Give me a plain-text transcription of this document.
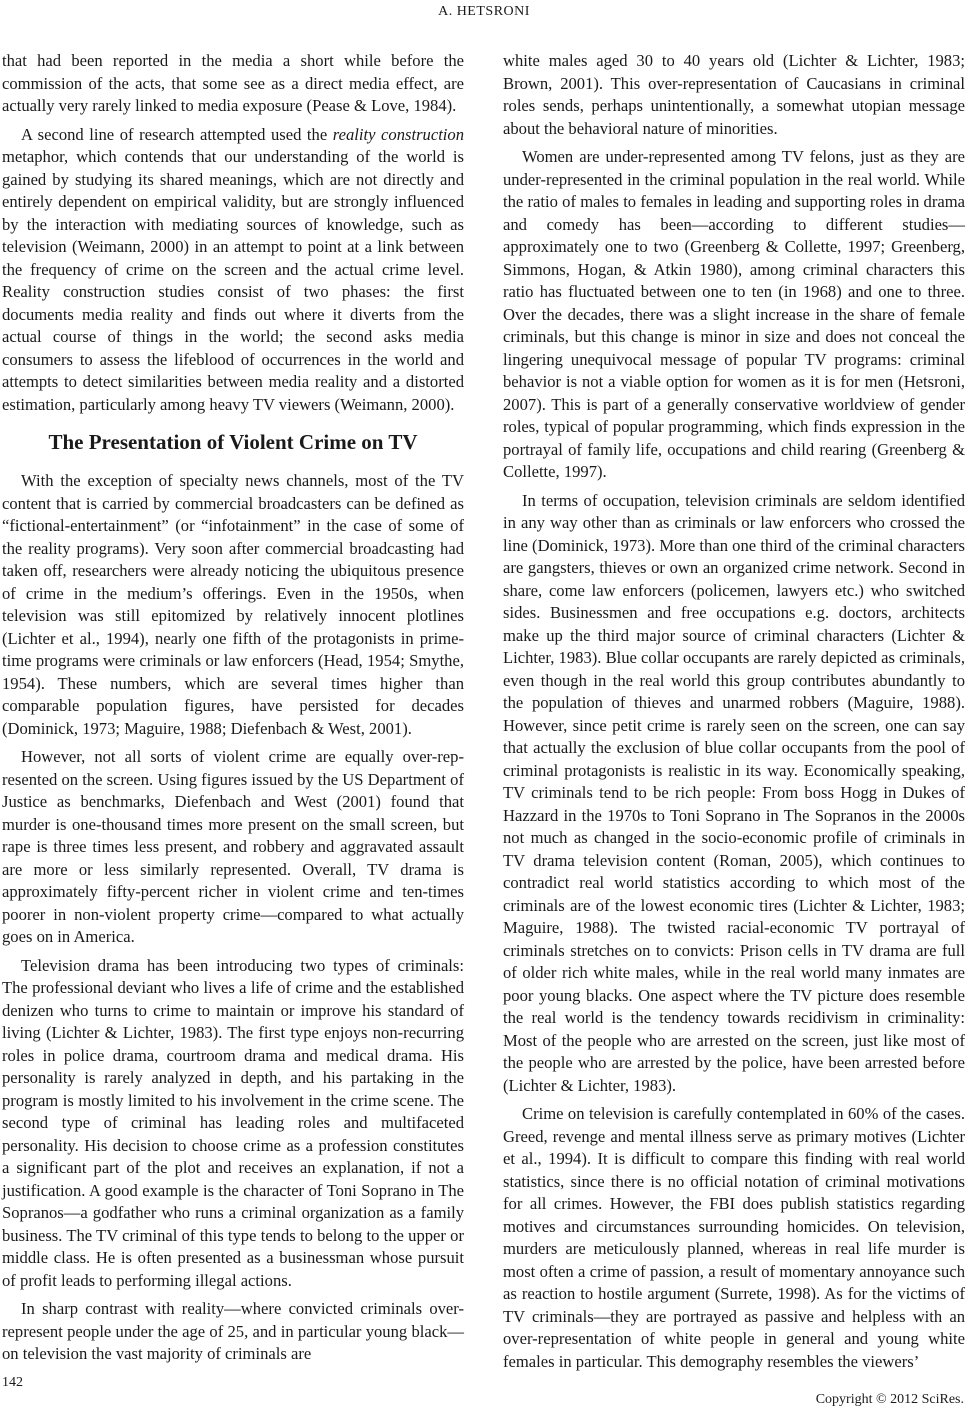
A. HETSRONI

that had been reported in the media a short while before the commission of the acts, that some see as a direct media effect, are actually very rarely linked to media exposure (Pease & Love, 1984).

A second line of research attempted used the reality construction metaphor, which contends that our understanding of the world is gained by studying its shared meanings, which are not directly and entirely dependent on empirical validity, but are strongly influenced by the interaction with mediating sources of knowledge, such as television (Weimann, 2000) in an attempt to point at a link between the frequency of crime on the screen and the actual crime level. Reality construction studies consist of two phases: the first documents media reality and finds out where it diverts from the actual course of things in the world; the second asks media consumers to assess the lifeblood of occurrences in the world and attempts to detect similarities between media reality and a distorted estimation, particularly among heavy TV viewers (Weimann, 2000).

The Presentation of Violent Crime on TV

With the exception of specialty news channels, most of the TV content that is carried by commercial broadcasters can be defined as “fictional-entertainment” (or “infotainment” in the case of some of the reality programs). Very soon after commercial broadcasting had taken off, researchers were already noticing the ubiquitous presence of crime in the medium’s offerings. Even in the 1950s, when television was still epitomized by relatively innocent plotlines (Lichter et al., 1994), nearly one fifth of the protagonists in prime-time programs were criminals or law enforcers (Head, 1954; Smythe, 1954). These numbers, which are several times higher than comparable population figures, have persisted for decades (Dominick, 1973; Maguire, 1988; Diefenbach & West, 2001).

However, not all sorts of violent crime are equally over-represented on the screen. Using figures issued by the US Department of Justice as benchmarks, Diefenbach and West (2001) found that murder is one-thousand times more present on the small screen, but rape is three times less present, and robbery and aggravated assault are more or less similarly represented. Overall, TV drama is approximately fifty-percent richer in violent crime and ten-times poorer in non-violent property crime—compared to what actually goes on in America.

Television drama has been introducing two types of criminals: The professional deviant who lives a life of crime and the established denizen who turns to crime to maintain or improve his standard of living (Lichter & Lichter, 1983). The first type enjoys non-recurring roles in police drama, courtroom drama and medical drama. His personality is rarely analyzed in depth, and his partaking in the program is mostly limited to his involvement in the crime scene. The second type of criminal has leading roles and multifaceted personality. His decision to choose crime as a profession constitutes a significant part of the plot and receives an explanation, if not a justification. A good example is the character of Toni Soprano in The Sopranos—a godfather who runs a criminal organization as a family business. The TV criminal of this type tends to belong to the upper or middle class. He is often presented as a businessman whose pursuit of profit leads to performing illegal actions.

In sharp contrast with reality—where convicted criminals over-represent people under the age of 25, and in particular young black—on television the vast majority of criminals are

white males aged 30 to 40 years old (Lichter & Lichter, 1983; Brown, 2001). This over-representation of Caucasians in criminal roles sends, perhaps unintentionally, a somewhat utopian message about the behavioral nature of minorities.

Women are under-represented among TV felons, just as they are under-represented in the criminal population in the real world. While the ratio of males to females in leading and supporting roles in drama and comedy has been—according to different studies—approximately one to two (Greenberg & Collette, 1997; Greenberg, Simmons, Hogan, & Atkin 1980), among criminal characters this ratio has fluctuated between one to ten (in 1968) and one to three. Over the decades, there was a slight increase in the share of female criminals, but this change is minor in size and does not conceal the lingering unequivocal message of popular TV programs: criminal behavior is not a viable option for women as it is for men (Hetsroni, 2007). This is part of a generally conservative worldview of gender roles, typical of popular programming, which finds expression in the portrayal of family life, occupations and child rearing (Greenberg & Collette, 1997).

In terms of occupation, television criminals are seldom identified in any way other than as criminals or law enforcers who crossed the line (Dominick, 1973). More than one third of the criminal characters are gangsters, thieves or own an organized crime network. Second in share, come law enforcers (policemen, lawyers etc.) who switched sides. Businessmen and free occupations e.g. doctors, architects make up the third major source of criminal characters (Lichter & Lichter, 1983). Blue collar occupants are rarely depicted as criminals, even though in the real world this group contributes abundantly to the population of thieves and unarmed robbers (Maguire, 1988). However, since petit crime is rarely seen on the screen, one can say that actually the exclusion of blue collar occupants from the pool of criminal protagonists is realistic in its way. Economically speaking, TV criminals tend to be rich people: From boss Hogg in Dukes of Hazzard in the 1970s to Toni Soprano in The Sopranos in the 2000s not much as changed in the socio-economic profile of criminals in TV drama television content (Roman, 2005), which continues to contradict real world statistics according to which most of the criminals are of the lowest economic tires (Lichter & Lichter, 1983; Maguire, 1988). The twisted racial-economic TV portrayal of criminals stretches on to convicts: Prison cells in TV drama are full of older rich white males, while in the real world many inmates are poor young blacks. One aspect where the TV picture does resemble the real world is the tendency towards recidivism in criminality: Most of the people who are arrested on the screen, just like most of the people who are arrested by the police, have been arrested before (Lichter & Lichter, 1983).

Crime on television is carefully contemplated in 60% of the cases. Greed, revenge and mental illness serve as primary motives (Lichter et al., 1994). It is difficult to compare this finding with real world statistics, since there is no official notation of criminal motivations for all crimes. However, the FBI does publish statistics regarding motives and circumstances surrounding homicides. On television, murders are meticulously planned, whereas in real life murder is most often a crime of passion, a result of momentary annoyance such as reaction to hostile argument (Surrete, 1998). As for the victims of TV criminals—they are portrayed as passive and helpless with an over-representation of white people in general and young white females in particular. This demography resembles the viewers’

142
Copyright © 2012 SciRes.
